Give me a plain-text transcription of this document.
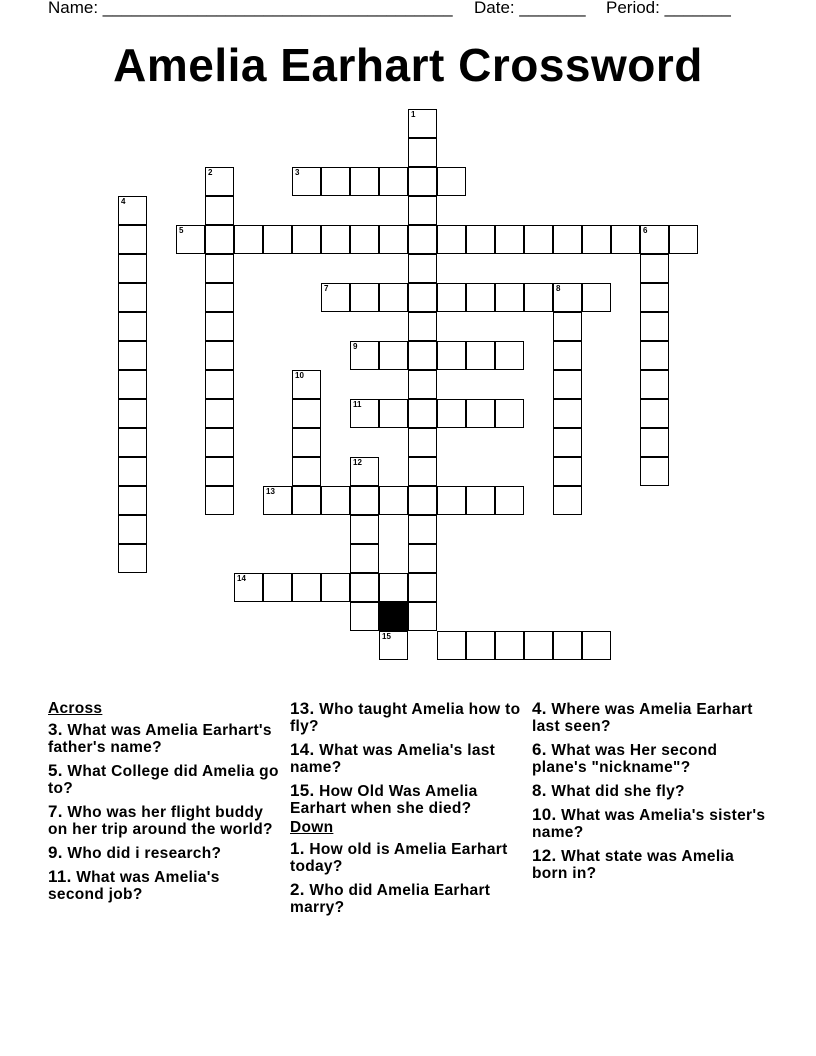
Name: _____________________________________ Date: _______ Period: _______
Amelia Earhart Crossword
1
2	3
4
5	6
7	8
9
10
11
12
13
14
15
Across
3. What was Amelia Earhart's father's name?
5. What College did Amelia go to?
7. Who was her flight buddy on her trip around the world?
9. Who did i research?
11. What was Amelia's second job?
13. Who taught Amelia how to fly?
14. What was Amelia's last name?
15. How Old Was Amelia Earhart when she died?
Down
1. How old is Amelia Earhart today?
2. Who did Amelia Earhart marry?
4. Where was Amelia Earhart last seen?
6. What was Her second plane's "nickname"?
8. What did she fly?
10. What was Amelia's sister's name?
12. What state was Amelia born in?
